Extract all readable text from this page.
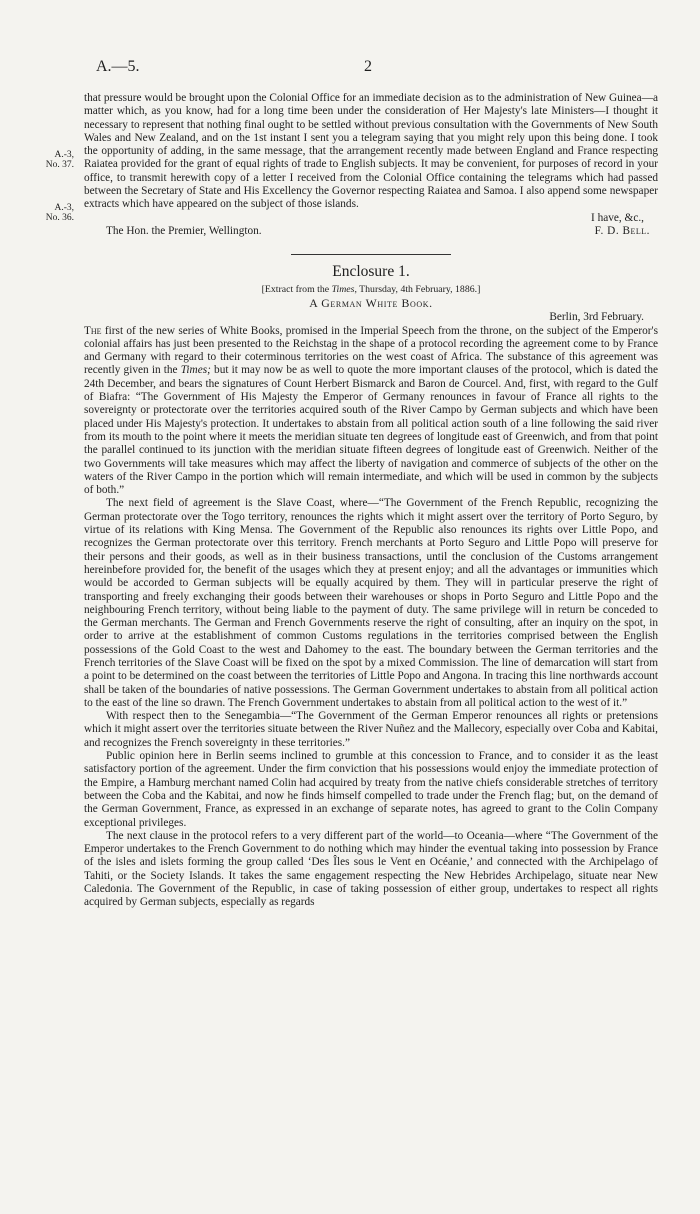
A.—5.	2
A.-3,
No. 37.
A.-3,
No. 36.

that pressure would be brought upon the Colonial Office for an immediate decision as to the administration of New Guinea—a matter which, as you know, had for a long time been under the consideration of Her Majesty's late Ministers—I thought it necessary to represent that nothing final ought to be settled without previous consultation with the Governments of New South Wales and New Zealand, and on the 1st instant I sent you a telegram saying that you might rely upon this being done. I took the opportunity of adding, in the same message, that the arrangement recently made between England and France respecting Raiatea provided for the grant of equal rights of trade to English subjects. It may be convenient, for purposes of record in your office, to transmit herewith copy of a letter I received from the Colonial Office containing the telegrams which had passed between the Secretary of State and His Excellency the Governor respecting Raiatea and Samoa. I also append some newspaper extracts which have appeared on the subject of those islands.

I have, &c.,

The Hon. the Premier, Wellington.	F. D. Bell.

Enclosure 1.
[Extract from the Times, Thursday, 4th February, 1886.]
A German White Book.
Berlin, 3rd February.

The first of the new series of White Books, promised in the Imperial Speech from the throne, on the subject of the Emperor's colonial affairs has just been presented to the Reichstag in the shape of a protocol recording the agreement come to by France and Germany with regard to their coterminous territories on the west coast of Africa. The substance of this agreement was recently given in the Times; but it may now be as well to quote the more important clauses of the protocol, which is dated the 24th December, and bears the signatures of Count Herbert Bismarck and Baron de Courcel. And, first, with regard to the Gulf of Biafra: “The Government of His Majesty the Emperor of Germany renounces in favour of France all rights to the sovereignty or protectorate over the territories acquired south of the River Campo by German subjects and which have been placed under His Majesty's protection. It undertakes to abstain from all political action south of a line following the said river from its mouth to the point where it meets the meridian situate ten degrees of longitude east of Greenwich, and from that point the parallel continued to its junction with the meridian situate fifteen degrees of longitude east of Greenwich. Neither of the two Governments will take measures which may affect the liberty of navigation and commerce of subjects of the other on the waters of the River Campo in the portion which will remain intermediate, and which will be used in common by the subjects of both.”

The next field of agreement is the Slave Coast, where—“The Government of the French Republic, recognizing the German protectorate over the Togo territory, renounces the rights which it might assert over the territory of Porto Seguro, by virtue of its relations with King Mensa. The Government of the Republic also renounces its rights over Little Popo, and recognizes the German protectorate over this territory. French merchants at Porto Seguro and Little Popo will preserve for their persons and their goods, as well as in their business transactions, until the conclusion of the Customs arrangement hereinbefore provided for, the benefit of the usages which they at present enjoy; and all the advantages or immunities which would be accorded to German subjects will be equally acquired by them. They will in particular preserve the right of transporting and freely exchanging their goods between their warehouses or shops in Porto Seguro and Little Popo and the neighbouring French territory, without being liable to the payment of duty. The same privilege will in return be conceded to the German merchants. The German and French Governments reserve the right of consulting, after an inquiry on the spot, in order to arrive at the establishment of common Customs regulations in the territories comprised between the English possessions of the Gold Coast to the west and Dahomey to the east. The boundary between the German territories and the French territories of the Slave Coast will be fixed on the spot by a mixed Commission. The line of demarcation will start from a point to be determined on the coast between the territories of Little Popo and Angona. In tracing this line northwards account shall be taken of the boundaries of native possessions. The German Government undertakes to abstain from all political action to the east of the line so drawn. The French Government undertakes to abstain from all political action to the west of it.”

With respect then to the Senegambia—“The Government of the German Emperor renounces all rights or pretensions which it might assert over the territories situate between the River Nuñez and the Mallecory, especially over Coba and Kabitai, and recognizes the French sovereignty in these territories.”

Public opinion here in Berlin seems inclined to grumble at this concession to France, and to consider it as the least satisfactory portion of the agreement. Under the firm conviction that his possessions would enjoy the immediate protection of the Empire, a Hamburg merchant named Colin had acquired by treaty from the native chiefs considerable stretches of territory between the Coba and the Kabitai, and now he finds himself compelled to trade under the French flag; but, on the demand of the German Government, France, as expressed in an exchange of separate notes, has agreed to grant to the Colin Company exceptional privileges.

The next clause in the protocol refers to a very different part of the world—to Oceania—where “The Government of the Emperor undertakes to the French Government to do nothing which may hinder the eventual taking into possession by France of the isles and islets forming the group called ‘Des Îles sous le Vent en Océanie,’ and connected with the Archipelago of Tahiti, or the Society Islands. It takes the same engagement respecting the New Hebrides Archipelago, situate near New Caledonia. The Government of the Republic, in case of taking possession of either group, undertakes to respect all rights acquired by German subjects, especially as regards
